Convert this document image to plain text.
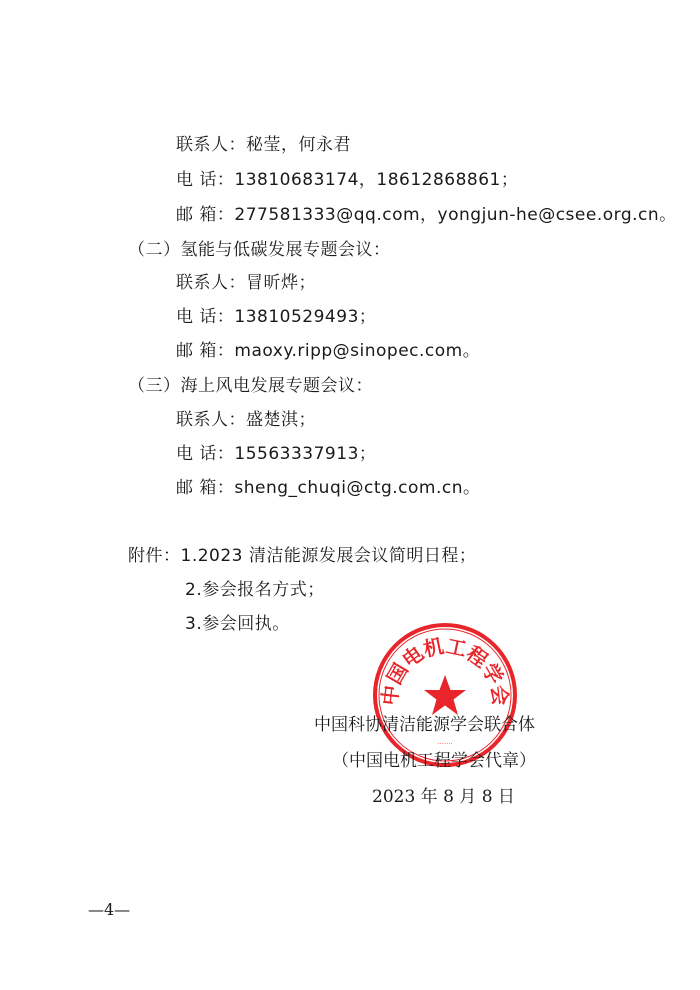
联系人：秘莹，何永君
电 话：13810683174，18612868861；
邮 箱：277581333@qq.com，yongjun-he@csee.org.cn。
（二）氢能与低碳发展专题会议：
联系人：冒昕烨；
电 话：13810529493；
邮 箱：maoxy.ripp@sinopec.com。
（三）海上风电发展专题会议：
联系人：盛楚淇；
电 话：15563337913；
邮 箱：sheng_chuqi@ctg.com.cn。
附件：1.2023 清洁能源发展会议简明日程；
2.参会报名方式；
3.参会回执。
中国电机工程学会
·······
中国科协清洁能源学会联合体
（中国电机工程学会代章）
2023 年 8 月 8 日
—4—
